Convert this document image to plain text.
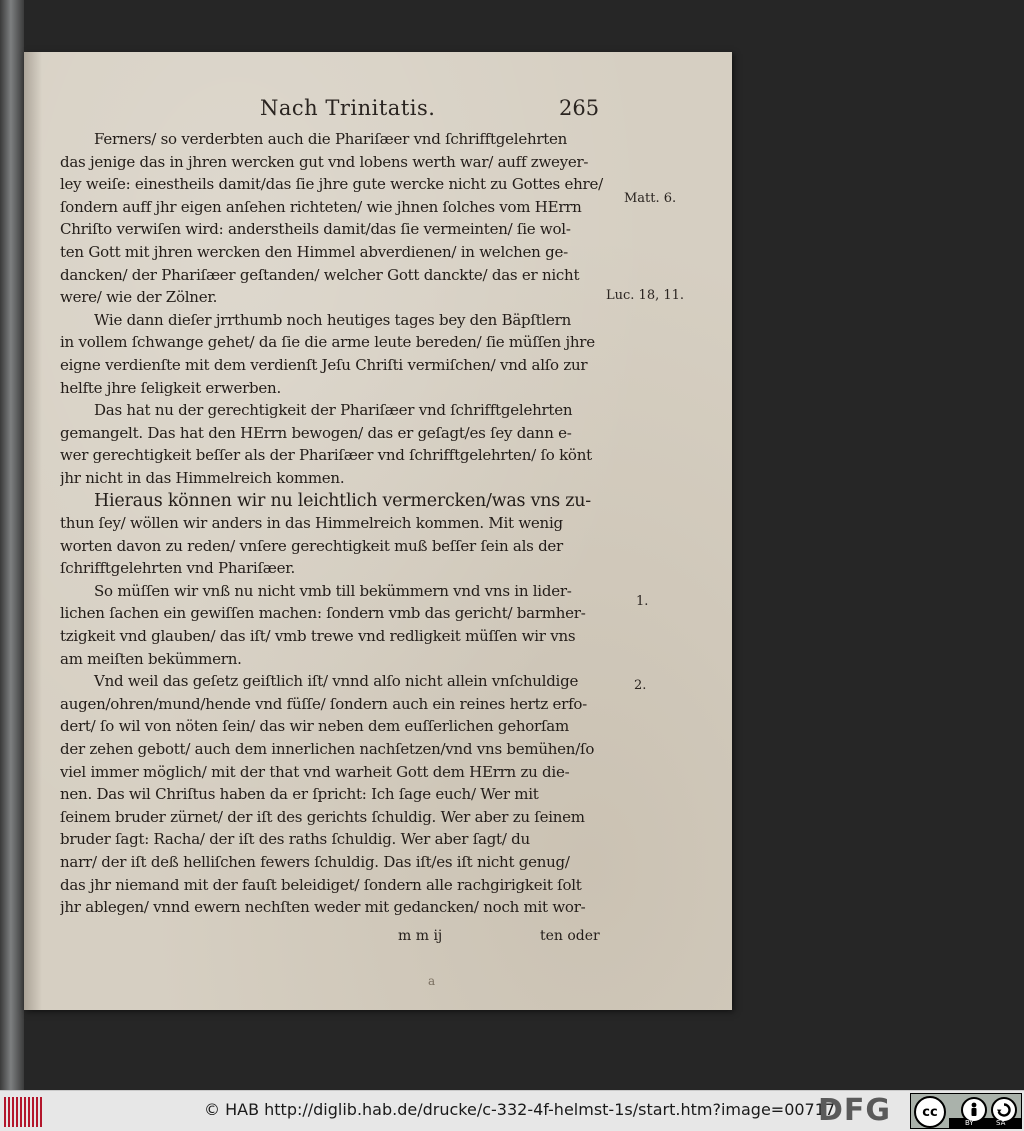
Nach Trinitatis.	265
Ferners/ so verderbten auch die Phariſæer vnd ſchrifftgelehrten
das jenige das in jhren wercken gut vnd lobens werth war/ auff zweyer-
ley weiſe: einestheils damit/das ſie jhre gute wercke nicht zu Gottes ehre/
ſondern auff jhr eigen anſehen richteten/ wie jhnen ſolches vom HErrn
Chriſto verwiſen wird: anderstheils damit/das ſie vermeinten/ ſie wol-
ten Gott mit jhren wercken den Himmel abverdienen/ in welchen ge-
dancken/ der Phariſæer geſtanden/ welcher Gott danckte/ das er nicht
were/ wie der Zölner.
Wie dann dieſer jrrthumb noch heutiges tages bey den Bäpſtlern
in vollem ſchwange gehet/ da ſie die arme leute bereden/ ſie müſſen jhre
eigne verdienſte mit dem verdienſt Jeſu Chriſti vermiſchen/ vnd alſo zur
helfte jhre ſeligkeit erwerben.
Das hat nu der gerechtigkeit der Phariſæer vnd ſchrifftgelehrten
gemangelt. Das hat den HErrn bewogen/ das er geſagt/es ſey dann e-
wer gerechtigkeit beſſer als der Phariſæer vnd ſchrifftgelehrten/ ſo könt
jhr nicht in das Himmelreich kommen.
Hieraus können wir nu leichtlich vermercken/was vns zu-
thun ſey/ wöllen wir anders in das Himmelreich kommen. Mit wenig
worten davon zu reden/ vnſere gerechtigkeit muß beſſer ſein als der
ſchrifftgelehrten vnd Phariſæer.
So müſſen wir vnß nu nicht vmb till bekümmern vnd vns in lider-
lichen ſachen ein gewiſſen machen: ſondern vmb das gericht/ barmher-
tzigkeit vnd glauben/ das iſt/ vmb trewe vnd redligkeit müſſen wir vns
am meiſten bekümmern.
Vnd weil das geſetz geiſtlich iſt/ vnnd alſo nicht allein vnſchuldige
augen/ohren/mund/hende vnd füſſe/ ſondern auch ein reines hertz erfo-
dert/ ſo wil von nöten ſein/ das wir neben dem euſſerlichen gehorſam
der zehen gebott/ auch dem innerlichen nachſetzen/vnd vns bemühen/ſo
viel immer möglich/ mit der that vnd warheit Gott dem HErrn zu die-
nen. Das wil Chriſtus haben da er ſpricht: Ich ſage euch/ Wer mit
ſeinem bruder zürnet/ der iſt des gerichts ſchuldig. Wer aber zu ſeinem
bruder ſagt: Racha/ der iſt des raths ſchuldig. Wer aber ſagt/ du
narr/ der iſt deß helliſchen fewers ſchuldig. Das iſt/es iſt nicht genug/
das jhr niemand mit der fauſt beleidiget/ ſondern alle rachgirigkeit ſolt
jhr ablegen/ vnnd ewern nechſten weder mit gedancken/ noch mit wor-
Matt. 6.
Luc. 18, 11.
1.
2.
m m ij	ten oder
a
© HAB http://diglib.hab.de/drucke/c-332-4f-helmst-1s/start.htm?image=00717
DFG	cc
BY	SA
